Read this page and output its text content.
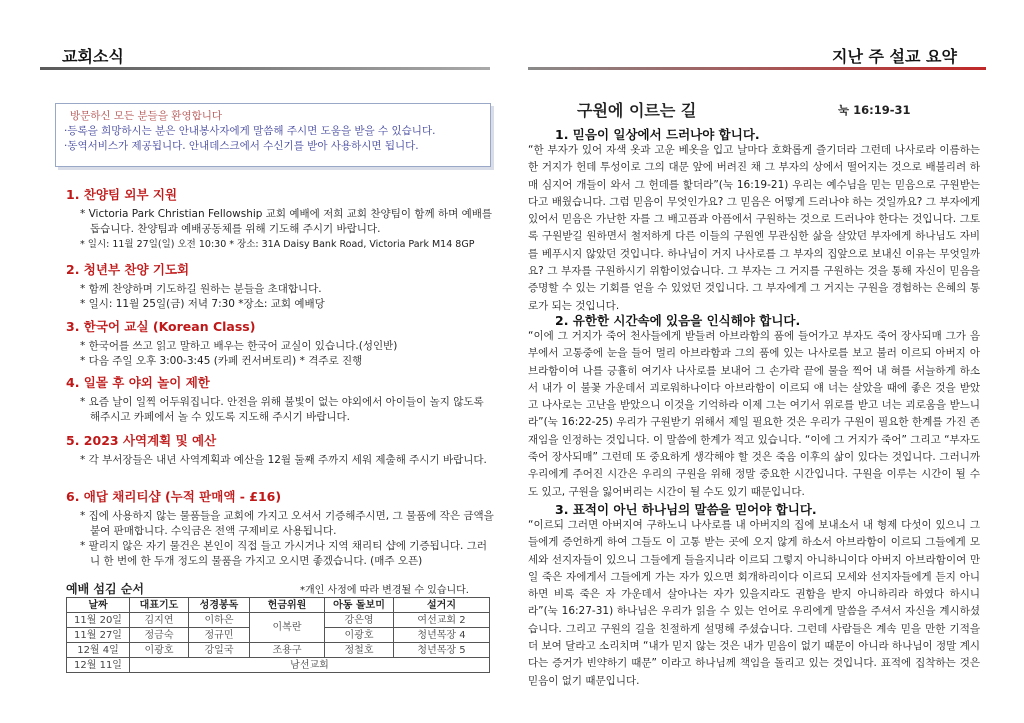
교회소식
방문하신 모든 분들을 환영합니다
·등록을 희망하시는 분은 안내봉사자에게 말씀해 주시면 도움을 받을 수 있습니다.
·동역서비스가 제공됩니다. 안내데스크에서 수신기를 받아 사용하시면 됩니다.
1. 찬양팀 외부 지원
* Victoria Park Christian Fellowship 교회 예배에 저희 교회 찬양팀이 함께 하며 예배를 돕습니다. 찬양팀과 예배공동체를 위해 기도해 주시기 바랍니다.
* 일시: 11월 27일(일) 오전 10:30 * 장소: 31A Daisy Bank Road, Victoria Park M14 8GP
2. 청년부 찬양 기도회
* 함께 찬양하며 기도하길 원하는 분들을 초대합니다.
* 일시: 11월 25일(금) 저녁 7:30 *장소: 교회 예배당
3. 한국어 교실 (Korean Class)
* 한국어를 쓰고 읽고 말하고 배우는 한국어 교실이 있습니다.(성인반)
* 다음 주일 오후 3:00-3:45 (카페 컨서버토리) * 격주로 진행
4. 일몰 후 야외 놀이 제한
* 요즘 날이 일찍 어두워집니다. 안전을 위해 불빛이 없는 야외에서 아이들이 놀지 않도록 해주시고 카페에서 놀 수 있도록 지도해 주시기 바랍니다.
5. 2023 사역계획 및 예산
* 각 부서장들은 내년 사역계획과 예산을 12월 둘째 주까지 세워 제출해 주시기 바랍니다.
6. 애답 채리티샵 (누적 판매액 - £16)
* 집에 사용하지 않는 물품들을 교회에 가지고 오셔서 기증해주시면, 그 물품에 작은 금액을 붙여 판매합니다. 수익금은 전액 구제비로 사용됩니다.
* 팔리지 않은 자기 물건은 본인이 직접 들고 가시거나 지역 채리티 샵에 기증됩니다. 그러니 한 번에 한 두개 정도의 물품을 가지고 오시면 좋겠습니다. (매주 오픈)
예배 섬김 순서	*개인 사정에 따라 변경될 수 있습니다.
날짜	대표기도	성경봉독	헌금위원	아동 돌보미	설거지
11월 20일	김지연	이하은	이복란	강은영	여선교회 2
11월 27일	정금숙	정규민		이광호	청년목장 4
12월 4일	이광호	강일국	조용구	정철호	청년목장 5
12월 11일	남선교회				
지난 주 설교 요약
구원에 이르는 길	눅 16:19-31
1. 믿음이 일상에서 드러나야 합니다.
“한 부자가 있어 자색 옷과 고운 베옷을 입고 날마다 호화롭게 즐기더라 그런데 나사로라 이름하는 한 거지가 헌데 투성이로 그의 대문 앞에 버려진 채 그 부자의 상에서 떨어지는 것으로 배불리려 하매 심지어 개들이 와서 그 헌데를 핥더라”(눅 16:19-21) 우리는 예수님을 믿는 믿음으로 구원받는다고 배웠습니다. 그럼 믿음이 무엇인가요? 그 믿음은 어떻게 드러나야 하는 것일까요? 그 부자에게 있어서 믿음은 가난한 자를 그 배고픔과 아픔에서 구원하는 것으로 드러나야 한다는 것입니다. 그토록 구원받길 원하면서 철저하게 다른 이들의 구원엔 무관심한 삶을 살았던 부자에게 하나님도 자비를 베푸시지 않았던 것입니다. 하나님이 거지 나사로를 그 부자의 집앞으로 보내신 이유는 무엇일까요? 그 부자를 구원하시기 위함이었습니다. 그 부자는 그 거지를 구원하는 것을 통해 자신이 믿음을 증명할 수 있는 기회를 얻을 수 있었던 것입니다. 그 부자에게 그 거지는 구원을 경험하는 은혜의 통로가 되는 것입니다.
2. 유한한 시간속에 있음을 인식해야 합니다.
“이에 그 거지가 죽어 천사들에게 받들려 아브라함의 품에 들어가고 부자도 죽어 장사되매 그가 음부에서 고통중에 눈을 들어 멀리 아브라함과 그의 품에 있는 나사로를 보고 불러 이르되 아버지 아브라함이여 나를 긍휼히 여기사 나사로를 보내어 그 손가락 끝에 물을 찍어 내 혀를 서늘하게 하소서 내가 이 불꽃 가운데서 괴로워하나이다 아브라함이 이르되 얘 너는 살았을 때에 좋은 것을 받았고 나사로는 고난을 받았으니 이것을 기억하라 이제 그는 여기서 위로를 받고 너는 괴로움을 받느니라”(눅 16:22-25) 우리가 구원받기 위해서 제일 필요한 것은 우리가 구원이 필요한 한계를 가진 존재임을 인정하는 것입니다. 이 말씀에 한계가 적고 있습니다. “이에 그 거지가 죽어” 그리고 “부자도 죽어 장사되매” 그런데 또 중요하게 생각해야 할 것은 죽음 이후의 삶이 있다는 것입니다. 그러니까 우리에게 주어진 시간은 우리의 구원을 위해 정말 중요한 시간입니다. 구원을 이루는 시간이 될 수도 있고, 구원을 잃어버리는 시간이 될 수도 있기 때문입니다.
3. 표적이 아닌 하나님의 말씀을 믿어야 합니다.
“이르되 그러면 아버지여 구하노니 나사로를 내 아버지의 집에 보내소서 내 형제 다섯이 있으니 그들에게 증언하게 하여 그들도 이 고통 받는 곳에 오지 않게 하소서 아브라함이 이르되 그들에게 모세와 선지자들이 있으니 그들에게 들을지니라 이르되 그렇지 아니하니이다 아버지 아브라함이여 만일 죽은 자에게서 그들에게 가는 자가 있으면 회개하리이다 이르되 모세와 선지자들에게 듣지 아니하면 비록 죽은 자 가운데서 살아나는 자가 있을지라도 권함을 받지 아니하리라 하였다 하시니라”(눅 16:27-31) 하나님은 우리가 읽을 수 있는 언어로 우리에게 말씀을 주셔서 자신을 계시하셨습니다. 그리고 구원의 길을 친절하게 설명해 주셨습니다. 그런데 사람들은 계속 믿을 만한 기적을 더 보여 달라고 소리치며 “내가 믿지 않는 것은 내가 믿음이 없기 때문이 아니라 하나님이 정말 계시다는 증거가 빈약하기 때문” 이라고 하나님께 책임을 돌리고 있는 것입니다. 표적에 집착하는 것은 믿음이 없기 때문입니다.
